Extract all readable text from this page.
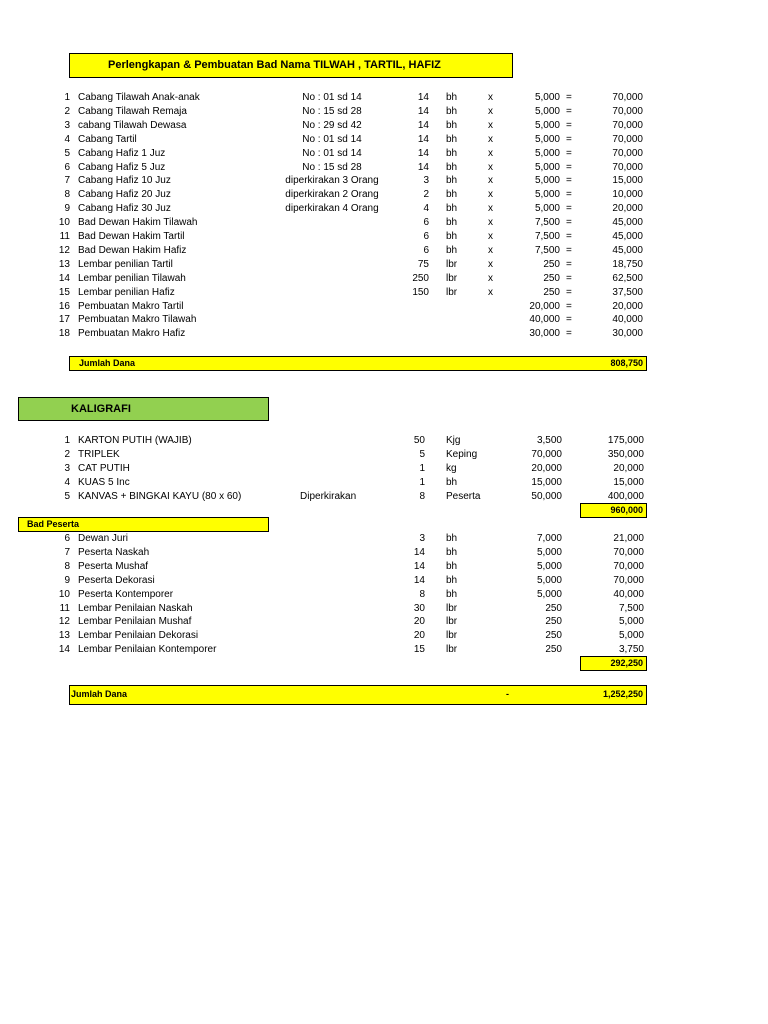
Perlengkapan & Pembuatan Bad Nama TILWAH , TARTIL, HAFIZ
1 Cabang Tilawah Anak-anak	No : 01 sd 14	14 bh	x	5,000 =	70,000
2 Cabang Tilawah Remaja	No : 15 sd 28	14 bh	x	5,000 =	70,000
3 cabang Tilawah Dewasa	No : 29 sd 42	14 bh	x	5,000 =	70,000
4 Cabang Tartil	No : 01 sd 14	14 bh	x	5,000 =	70,000
5 Cabang Hafiz 1 Juz	No : 01 sd 14	14 bh	x	5,000 =	70,000
6 Cabang Hafiz 5 Juz	No : 15 sd 28	14 bh	x	5,000 =	70,000
7 Cabang Hafiz 10 Juz	diperkirakan 3 Orang	3 bh	x	5,000 =	15,000
8 Cabang Hafiz 20 Juz	diperkirakan 2 Orang	2 bh	x	5,000 =	10,000
9 Cabang Hafiz 30 Juz	diperkirakan 4 Orang	4 bh	x	5,000 =	20,000
10 Bad Dewan Hakim Tilawah	6 bh	x	7,500 =	45,000
11 Bad Dewan Hakim Tartil	6 bh	x	7,500 =	45,000
12 Bad Dewan Hakim Hafiz	6 bh	x	7,500 =	45,000
13 Lembar penilian Tartil	75 lbr	x	250 =	18,750
14 Lembar penilian Tilawah	250 lbr	x	250 =	62,500
15 Lembar penilian Hafiz	150 lbr	x	250 =	37,500
16 Pembuatan Makro Tartil	20,000 =	20,000
17 Pembuatan Makro Tilawah	40,000 =	40,000
18 Pembuatan Makro Hafiz	30,000 =	30,000
Jumlah Dana	808,750
KALIGRAFI
1 KARTON PUTIH (WAJIB)	50 Kjg	3,500	175,000
2 TRIPLEK	5 Keping	70,000	350,000
3 CAT PUTIH	1 kg	20,000	20,000
4 KUAS 5 Inc	1 bh	15,000	15,000
5 KANVAS + BINGKAI KAYU (80 x 60)	Diperkirakan	8 Peserta	50,000	400,000
960,000
Bad Peserta
6 Dewan Juri	3 bh	7,000	21,000
7 Peserta Naskah	14 bh	5,000	70,000
8 Peserta Mushaf	14 bh	5,000	70,000
9 Peserta Dekorasi	14 bh	5,000	70,000
10 Peserta Kontemporer	8 bh	5,000	40,000
11 Lembar Penilaian Naskah	30 lbr	250	7,500
12 Lembar Penilaian Mushaf	20 lbr	250	5,000
13 Lembar Penilaian Dekorasi	20 lbr	250	5,000
14 Lembar Penilaian Kontemporer	15 lbr	250	3,750
292,250
Jumlah Dana	-	1,252,250
